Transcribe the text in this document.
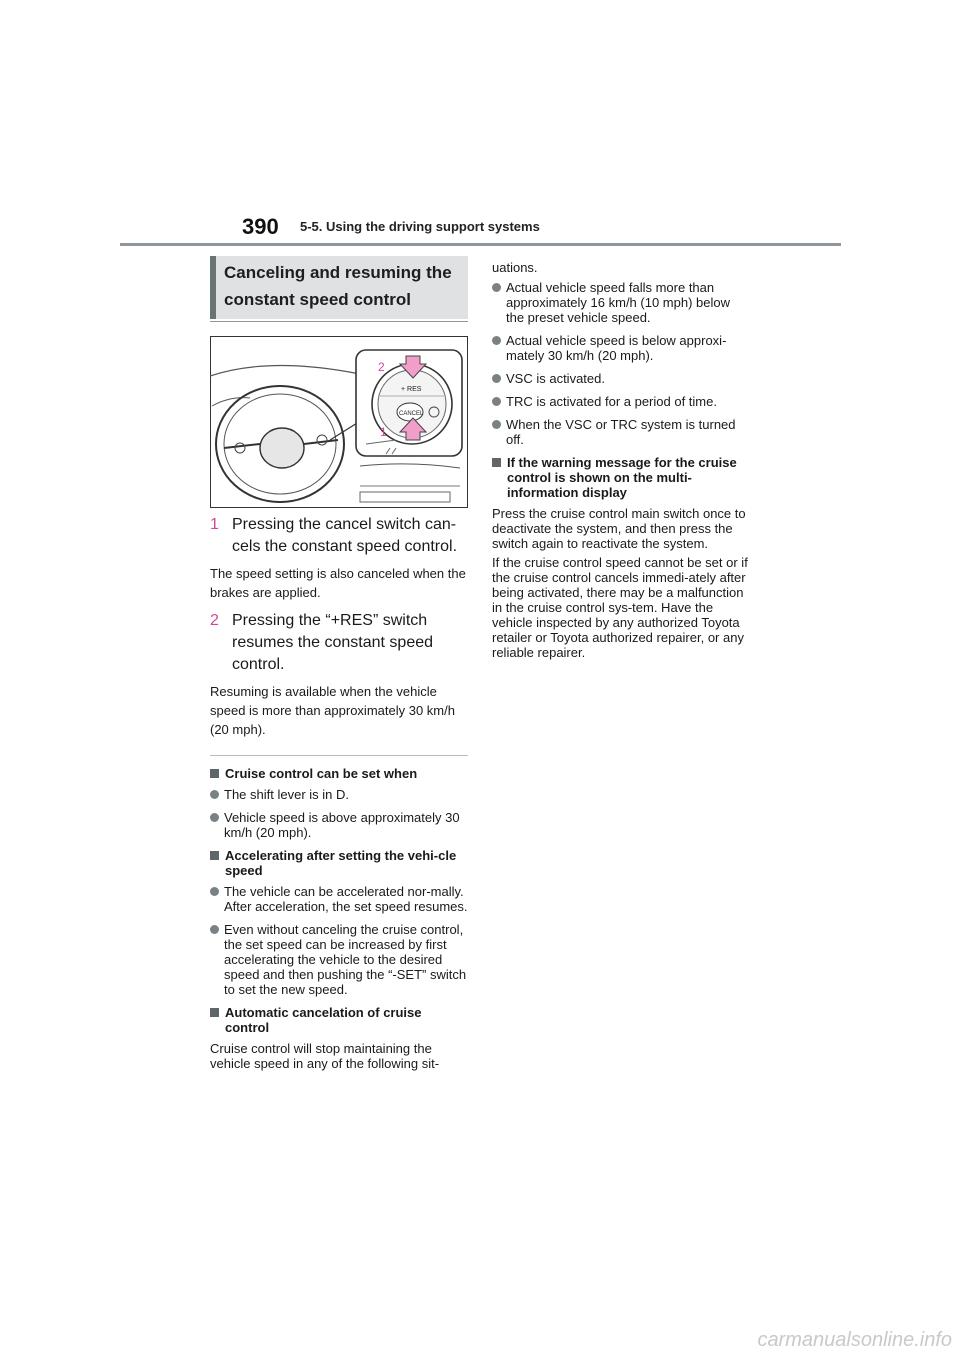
390 5-5. Using the driving support systems
Canceling and resuming the constant speed control
+ RES
CANCEL
2
1
1 Pressing the cancel switch can-cels the constant speed control.
The speed setting is also canceled when the brakes are applied.
2 Pressing the “+RES” switch resumes the constant speed control.
Resuming is available when the vehicle speed is more than approximately 30 km/h (20 mph).
Cruise control can be set when
The shift lever is in D.
Vehicle speed is above approximately 30 km/h (20 mph).
Accelerating after setting the vehi-cle speed
The vehicle can be accelerated nor-mally. After acceleration, the set speed resumes.
Even without canceling the cruise control, the set speed can be increased by first accelerating the vehicle to the desired speed and then pushing the “-SET” switch to set the new speed.
Automatic cancelation of cruise control
Cruise control will stop maintaining the vehicle speed in any of the following sit-
uations.
Actual vehicle speed falls more than approximately 16 km/h (10 mph) below the preset vehicle speed.
Actual vehicle speed is below approxi-mately 30 km/h (20 mph).
VSC is activated.
TRC is activated for a period of time.
When the VSC or TRC system is turned off.
If the warning message for the cruise control is shown on the multi-information display
Press the cruise control main switch once to deactivate the system, and then press the switch again to reactivate the system.
If the cruise control speed cannot be set or if the cruise control cancels immedi-ately after being activated, there may be a malfunction in the cruise control sys-tem. Have the vehicle inspected by any authorized Toyota retailer or Toyota authorized repairer, or any reliable repairer.
carmanualsonline.info
